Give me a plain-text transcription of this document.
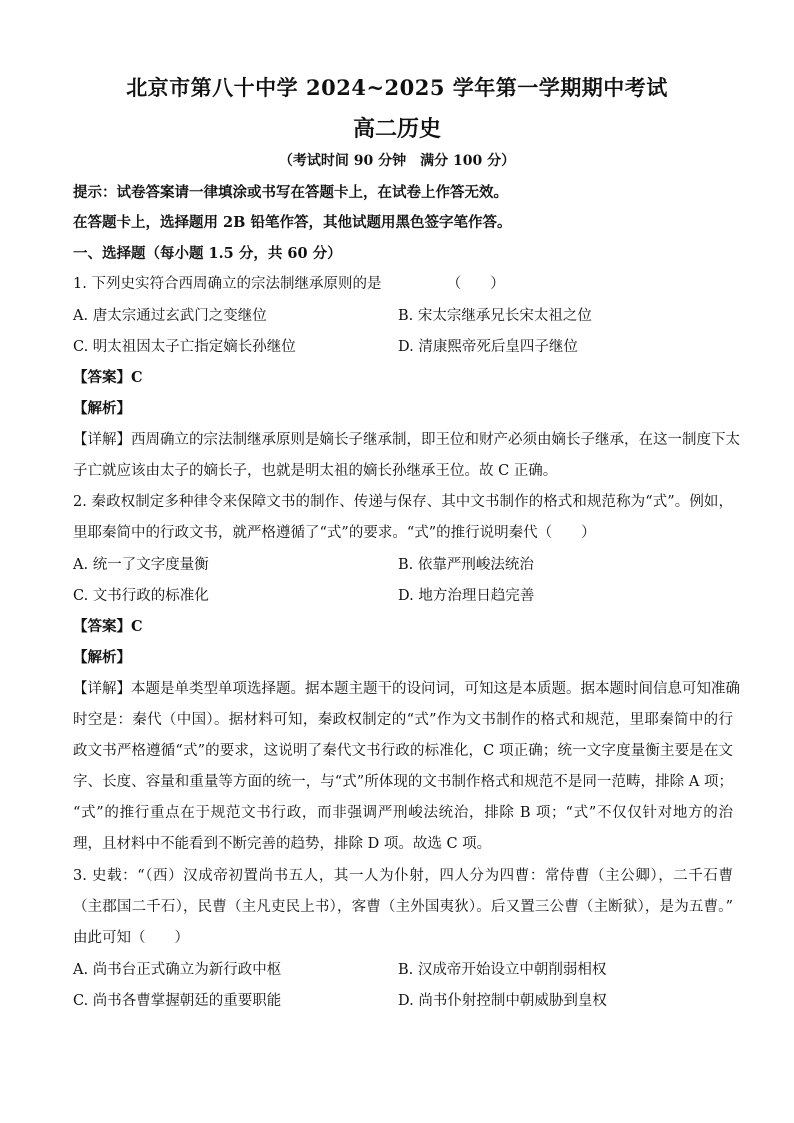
北京市第八十中学 2024~2025 学年第一学期期中考试
高二历史
（考试时间 90 分钟　满分 100 分）
提示：试卷答案请一律填涂或书写在答题卡上，在试卷上作答无效。
在答题卡上，选择题用 2B 铅笔作答，其他试题用黑色签字笔作答。
一、选择题（每小题 1.5 分，共 60 分）
1. 下列史实符合西周确立的宗法制继承原则的是　　　　　（　　）
A. 唐太宗通过玄武门之变继位	B. 宋太宗继承兄长宋太祖之位
C. 明太祖因太子亡指定嫡长孙继位	D. 清康熙帝死后皇四子继位
【答案】C
【解析】
【详解】西周确立的宗法制继承原则是嫡长子继承制，即王位和财产必须由嫡长子继承，在这一制度下太
子亡就应该由太子的嫡长子，也就是明太祖的嫡长孙继承王位。故 C 正确。
2. 秦政权制定多种律令来保障文书的制作、传递与保存、其中文书制作的格式和规范称为“式”。例如，
里耶秦简中的行政文书，就严格遵循了“式”的要求。“式”的推行说明秦代（　　）
A. 统一了文字度量衡	B. 依靠严刑峻法统治
C. 文书行政的标准化	D. 地方治理日趋完善
【答案】C
【解析】
【详解】本题是单类型单项选择题。据本题主题干的设问词，可知这是本质题。据本题时间信息可知准确
时空是：秦代（中国）。据材料可知，秦政权制定的“式”作为文书制作的格式和规范，里耶秦简中的行
政文书严格遵循“式”的要求，这说明了秦代文书行政的标准化，C 项正确；统一文字度量衡主要是在文
字、长度、容量和重量等方面的统一，与“式”所体现的文书制作格式和规范不是同一范畴，排除 A 项；
“式”的推行重点在于规范文书行政，而非强调严刑峻法统治，排除 B 项；“式”不仅仅针对地方的治
理，且材料中不能看到不断完善的趋势，排除 D 项。故选 C 项。
3. 史载：“（西）汉成帝初置尚书五人，其一人为仆射，四人分为四曹：常侍曹（主公卿），二千石曹
（主郡国二千石），民曹（主凡吏民上书），客曹（主外国夷狄）。后又置三公曹（主断狱），是为五曹。”
由此可知（　　）
A. 尚书台正式确立为新行政中枢	B. 汉成帝开始设立中朝削弱相权
C. 尚书各曹掌握朝廷的重要职能	D. 尚书仆射控制中朝威胁到皇权
